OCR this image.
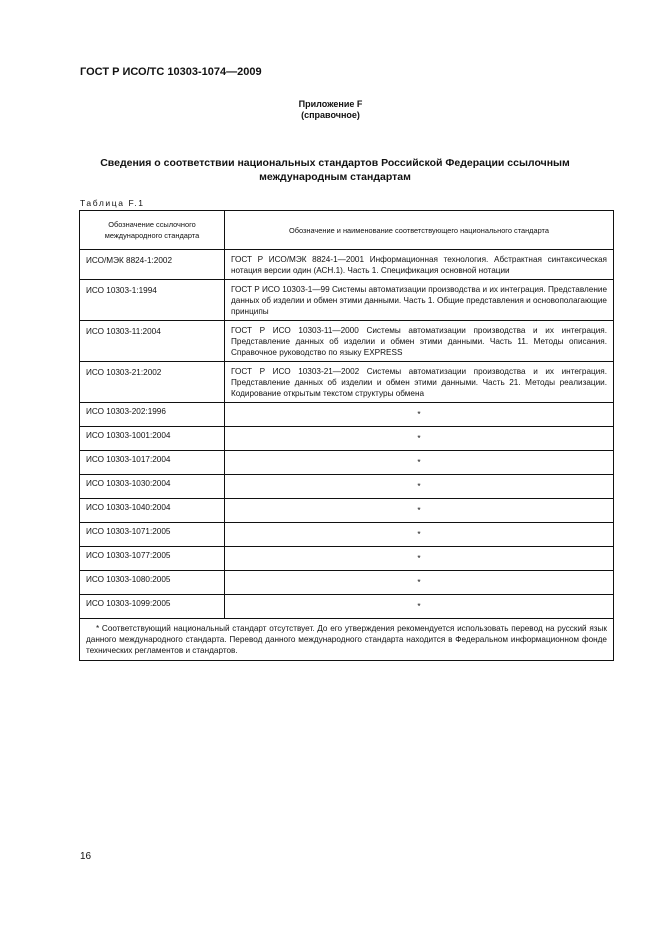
ГОСТ Р ИСО/ТС 10303-1074—2009
Приложение F
(справочное)
Сведения о соответствии национальных стандартов Российской Федерации ссылочным международным стандартам
Таблица F.1
Обозначение ссылочного международного стандарта	Обозначение и наименование соответствующего национального стандарта
ИСО/МЭК 8824-1:2002	ГОСТ Р ИСО/МЭК 8824-1—2001 Информационная технология. Абстрактная синтаксическая нотация версии один (АСН.1). Часть 1. Спецификация основной нотации
ИСО 10303-1:1994	ГОСТ Р ИСО 10303-1—99 Системы автоматизации производства и их интеграция. Представление данных об изделии и обмен этими данными. Часть 1. Общие представления и основополагающие принципы
ИСО 10303-11:2004	ГОСТ Р ИСО 10303-11—2000 Системы автоматизации производства и их интеграция. Представление данных об изделии и обмен этими данными. Часть 11. Методы описания. Справочное руководство по языку EXPRESS
ИСО 10303-21:2002	ГОСТ Р ИСО 10303-21—2002 Системы автоматизации производства и их интеграция. Представление данных об изделии и обмен этими данными. Часть 21. Методы реализации. Кодирование открытым текстом структуры обмена
ИСО 10303-202:1996	*
ИСО 10303-1001:2004	*
ИСО 10303-1017:2004	*
ИСО 10303-1030:2004	*
ИСО 10303-1040:2004	*
ИСО 10303-1071:2005	*
ИСО 10303-1077:2005	*
ИСО 10303-1080:2005	*
ИСО 10303-1099:2005	*
* Соответствующий национальный стандарт отсутствует. До его утверждения рекомендуется использовать перевод на русский язык данного международного стандарта. Перевод данного международного стандарта находится в Федеральном информационном фонде технических регламентов и стандартов.	
16
